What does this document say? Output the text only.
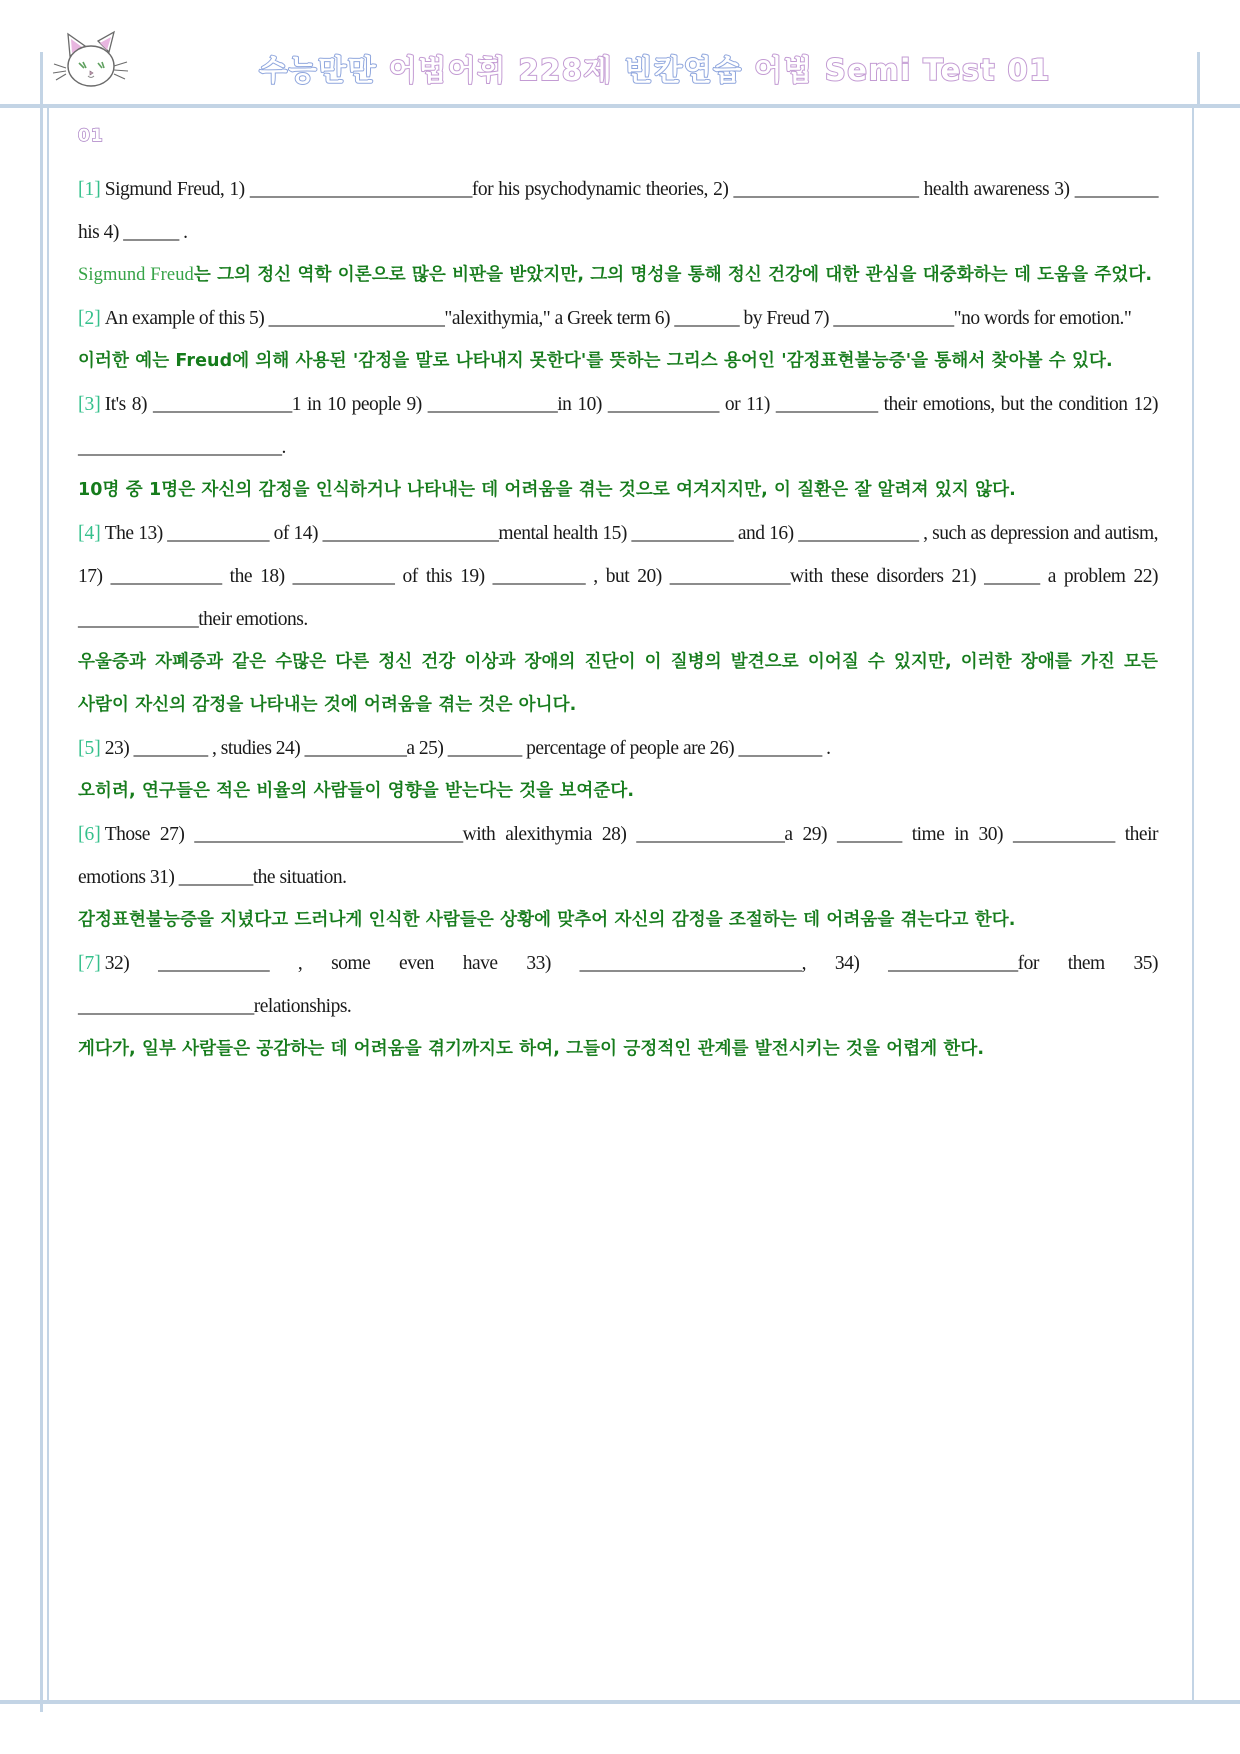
수능만만 어법어휘 228제 빈칸연습 어법 Semi Test 01
01

[1] Sigmund Freud, 1) ________________________for his psychodynamic theories, 2) ____________________ health awareness 3) _________ his 4) ______ .

Sigmund Freud는 그의 정신 역학 이론으로 많은 비판을 받았지만, 그의 명성을 통해 정신 건강에 대한 관심을 대중화하는 데 도움을 주었다.

[2] An example of this 5) ___________________"alexithymia," a Greek term 6) _______ by Freud 7) _____________"no words for emotion."

이러한 예는 Freud에 의해 사용된 '감정을 말로 나타내지 못한다'를 뜻하는 그리스 용어인 '감정표현불능증'을 통해서 찾아볼 수 있다.

[3] It's 8) _______________1 in 10 people 9) ______________in 10) ____________ or 11) ___________ their emotions, but the condition 12) ______________________.

10명 중 1명은 자신의 감정을 인식하거나 나타내는 데 어려움을 겪는 것으로 여겨지지만, 이 질환은 잘 알려져 있지 않다.

[4] The 13) ___________ of 14) ___________________mental health 15) ___________ and 16) _____________ , such as depression and autism, 17) ____________ the 18) ___________ of this 19) __________ , but 20) _____________with these disorders 21) ______ a problem 22) _____________their emotions.

우울증과 자폐증과 같은 수많은 다른 정신 건강 이상과 장애의 진단이 이 질병의 발견으로 이어질 수 있지만, 이러한 장애를 가진 모든 사람이 자신의 감정을 나타내는 것에 어려움을 겪는 것은 아니다.

[5] 23) ________ , studies 24) ___________a 25) ________ percentage of people are 26) _________ .

오히려, 연구들은 적은 비율의 사람들이 영향을 받는다는 것을 보여준다.

[6] Those 27) _____________________________with alexithymia 28) ________________a 29) _______ time in 30) ___________ their emotions 31) ________the situation.

감정표현불능증을 지녔다고 드러나게 인식한 사람들은 상황에 맞추어 자신의 감정을 조절하는 데 어려움을 겪는다고 한다.

[7] 32) ____________ , some even have 33) ________________________, 34) ______________for them 35) ___________________relationships.

게다가, 일부 사람들은 공감하는 데 어려움을 겪기까지도 하여, 그들이 긍정적인 관계를 발전시키는 것을 어렵게 한다.
